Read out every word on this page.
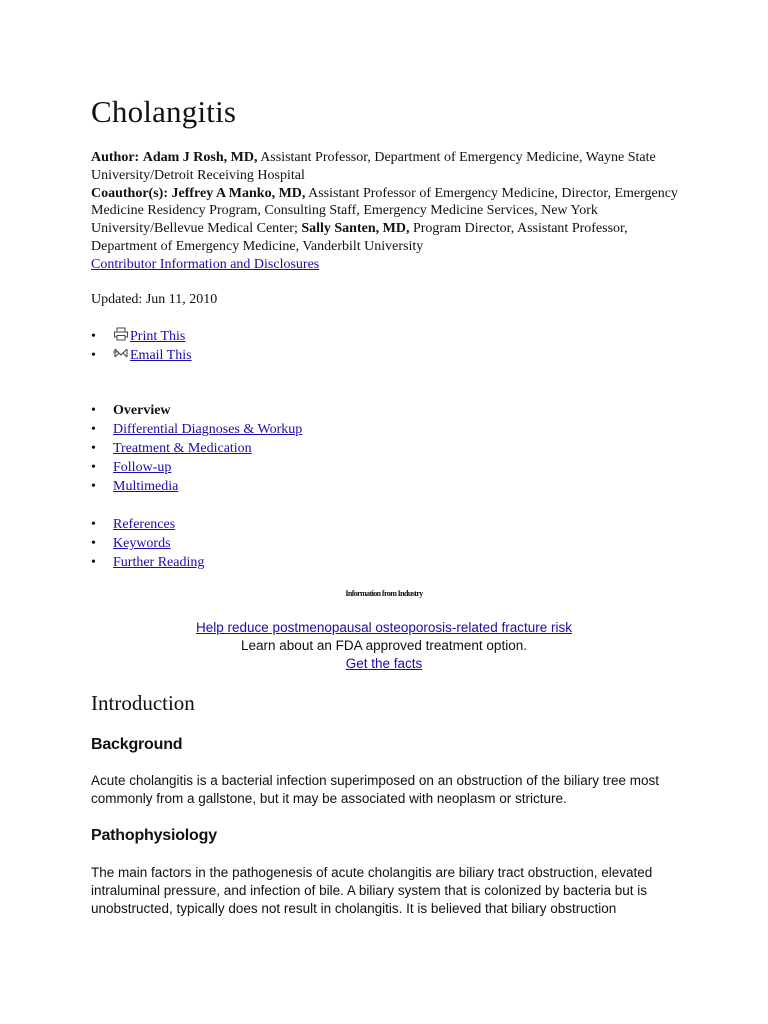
Cholangitis
Author: Adam J Rosh, MD, Assistant Professor, Department of Emergency Medicine, Wayne State University/Detroit Receiving Hospital
Coauthor(s): Jeffrey A Manko, MD, Assistant Professor of Emergency Medicine, Director, Emergency Medicine Residency Program, Consulting Staff, Emergency Medicine Services, New York University/Bellevue Medical Center; Sally Santen, MD, Program Director, Assistant Professor, Department of Emergency Medicine, Vanderbilt University
Contributor Information and Disclosures
Updated: Jun 11, 2010
• Print This
• Email This
• Overview
• Differential Diagnoses & Workup
• Treatment & Medication
• Follow-up
• Multimedia
• References
• Keywords
• Further Reading
Information from Industry
Help reduce postmenopausal osteoporosis-related fracture risk
Learn about an FDA approved treatment option.
Get the facts
Introduction
Background
Acute cholangitis is a bacterial infection superimposed on an obstruction of the biliary tree most commonly from a gallstone, but it may be associated with neoplasm or stricture.
Pathophysiology
The main factors in the pathogenesis of acute cholangitis are biliary tract obstruction, elevated intraluminal pressure, and infection of bile. A biliary system that is colonized by bacteria but is unobstructed, typically does not result in cholangitis. It is believed that biliary obstruction
